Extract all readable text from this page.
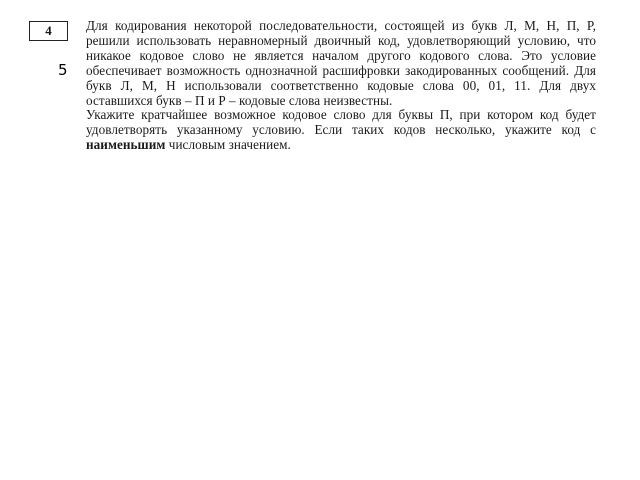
4
5

Для кодирования некоторой последовательности, состоящей из букв Л, М, Н, П, Р, решили использовать неравномерный двоичный код, удовлетворяющий условию, что никакое кодовое слово не является началом другого кодового слова. Это условие обеспечивает возможность однозначной расшифровки закодированных сообщений. Для букв Л, М, Н использовали соответственно кодовые слова 00, 01, 11. Для двух оставшихся букв – П и Р – кодовые слова неизвестны.

Укажите кратчайшее возможное кодовое слово для буквы П, при котором код будет удовлетворять указанному условию. Если таких кодов несколько, укажите код с наименьшим числовым значением.
